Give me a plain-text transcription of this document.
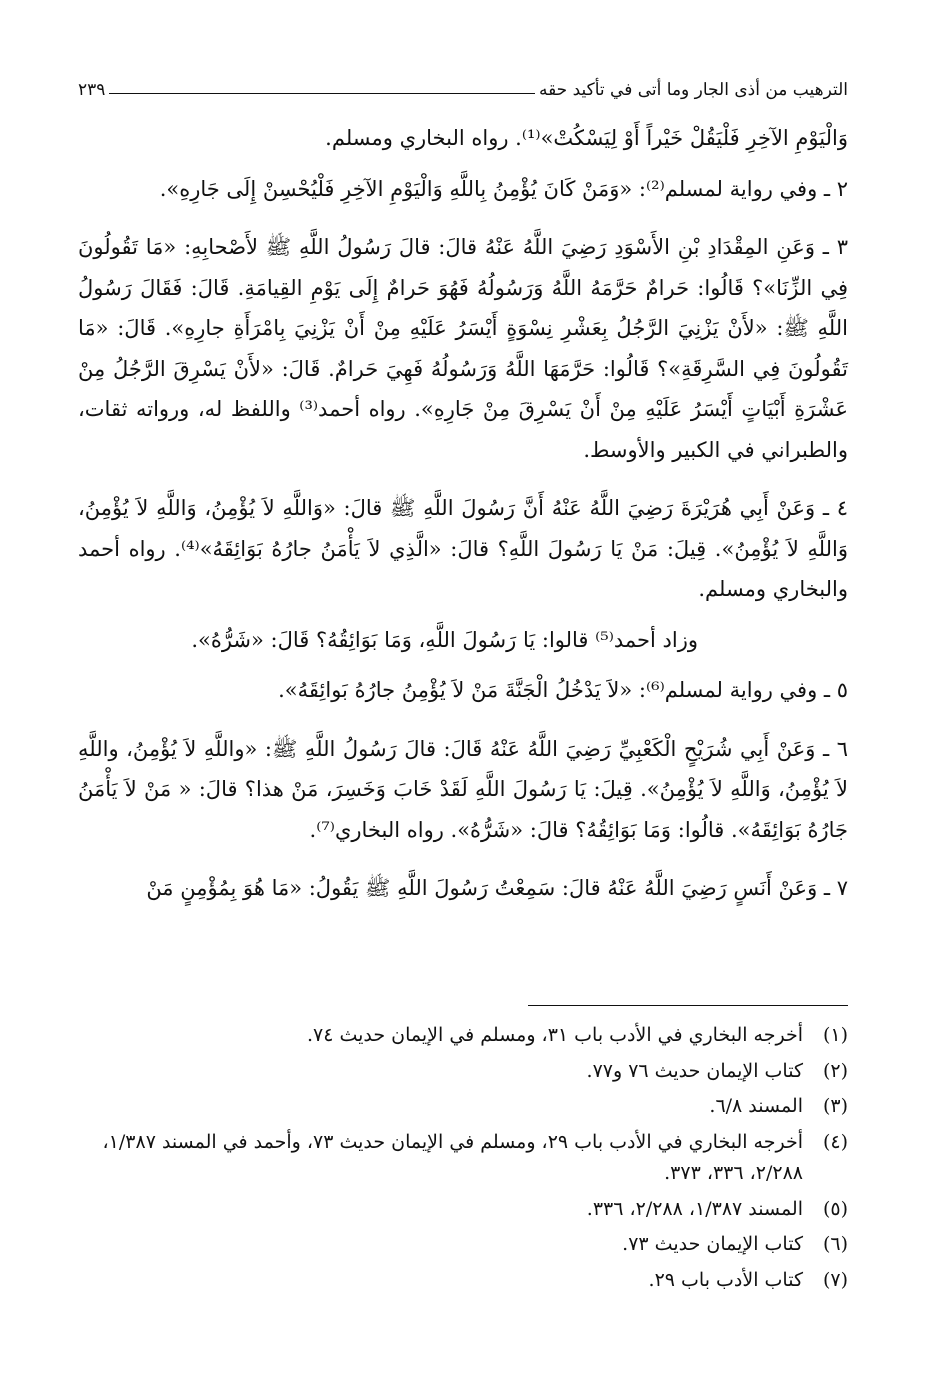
الترهيب من أذى الجار وما أتى في تأكيد حقه
٢٣٩

وَالْيَوْمِ الآخِرِ فَلْيَقُلْ خَيْراً أَوْ لِيَسْكُتْ»⁽¹⁾. رواه البخاري ومسلم.

٢ ـ وفي رواية لمسلم⁽²⁾: «وَمَنْ كَانَ يُؤْمِنُ بِاللَّهِ وَالْيَوْمِ الآخِرِ فَلْيُحْسِنْ إِلَى جَارِهِ».

٣ ـ وَعَنِ المِقْدَادِ بْنِ الأَسْوَدِ رَضِيَ اللَّهُ عَنْهُ قالَ: قالَ رَسُولُ اللَّهِ ﷺ لأَصْحابِهِ: «مَا تَقُولُونَ فِي الزِّنَا»؟ قَالُوا: حَرامٌ حَرَّمَهُ اللَّهُ وَرَسُولُهُ فَهُوَ حَرامٌ إِلَى يَوْمِ القِيامَةِ. قَالَ: فَقَالَ رَسُولُ اللَّهِ ﷺ: «لأَنْ يَزْنِيَ الرَّجُلُ بِعَشْرِ نِسْوَةٍ أَيْسَرُ عَلَيْهِ مِنْ أَنْ يَزْنِيَ بِامْرَأَةِ جارِهِ». قَالَ: «مَا تَقُولُونَ فِي السَّرِقَةِ»؟ قَالُوا: حَرَّمَهَا اللَّهُ وَرَسُولُهُ فَهِيَ حَرامٌ. قَالَ: «لأَنْ يَسْرِقَ الرَّجُلُ مِنْ عَشْرَةِ أَبْيَاتٍ أَيْسَرُ عَلَيْهِ مِنْ أَنْ يَسْرِقَ مِنْ جَارِهِ». رواه أحمد⁽³⁾ واللفظ له، ورواته ثقات، والطبراني في الكبير والأوسط.

٤ ـ وَعَنْ أَبِي هُرَيْرَةَ رَضِيَ اللَّهُ عَنْهُ أَنَّ رَسُولَ اللَّهِ ﷺ قالَ: «وَاللَّهِ لاَ يُؤْمِنُ، وَاللَّهِ لاَ يُؤْمِنُ، وَاللَّهِ لاَ يُؤْمِنُ». قِيلَ: مَنْ يَا رَسُولَ اللَّهِ؟ قالَ: «الَّذِي لاَ يَأْمَنُ جارُهُ بَوَائِقَهُ»⁽⁴⁾. رواه أحمد والبخاري ومسلم.

وزاد أحمد⁽⁵⁾ قالوا: يَا رَسُولَ اللَّهِ، وَمَا بَوَائِقُهُ؟ قَالَ: «شَرُّهُ».

٥ ـ وفي رواية لمسلم⁽⁶⁾: «لاَ يَدْخُلُ الْجَنَّةَ مَنْ لاَ يُؤْمِنُ جارُهُ بَوائِقَهُ».

٦ ـ وَعَنْ أَبِي شُرَيْحٍ الْكَعْبِيِّ رَضِيَ اللَّهُ عَنْهُ قَالَ: قالَ رَسُولُ اللَّهِ ﷺ: «واللَّهِ لاَ يُؤْمِنُ، واللَّهِ لاَ يُؤْمِنُ، وَاللَّهِ لاَ يُؤْمِنُ». قِيلَ: يَا رَسُولَ اللَّهِ لَقَدْ خَابَ وَخَسِرَ، مَنْ هذا؟ قالَ: « مَنْ لاَ يَأْمَنُ جَارُهُ بَوَائِقَهُ». قالُوا: وَمَا بَوَائِقُهُ؟ قالَ: «شَرُّهُ». رواه البخاري⁽⁷⁾.

٧ ـ وَعَنْ أَنَسٍ رَضِيَ اللَّهُ عَنْهُ قالَ: سَمِعْتُ رَسُولَ اللَّهِ ﷺ يَقُولُ: «مَا هُوَ بِمُؤْمِنٍ مَنْ

(١)
أخرجه البخاري في الأدب باب ٣١، ومسلم في الإيمان حديث ٧٤.
(٢)
كتاب الإيمان حديث ٧٦ و٧٧.
(٣)
المسند ٦/٨.
(٤)
أخرجه البخاري في الأدب باب ٢٩، ومسلم في الإيمان حديث ٧٣، وأحمد في المسند ١/٣٨٧، ٢/٢٨٨، ٣٣٦، ٣٧٣.
(٥)
المسند ١/٣٨٧، ٢/٢٨٨، ٣٣٦.
(٦)
كتاب الإيمان حديث ٧٣.
(٧)
كتاب الأدب باب ٢٩.
